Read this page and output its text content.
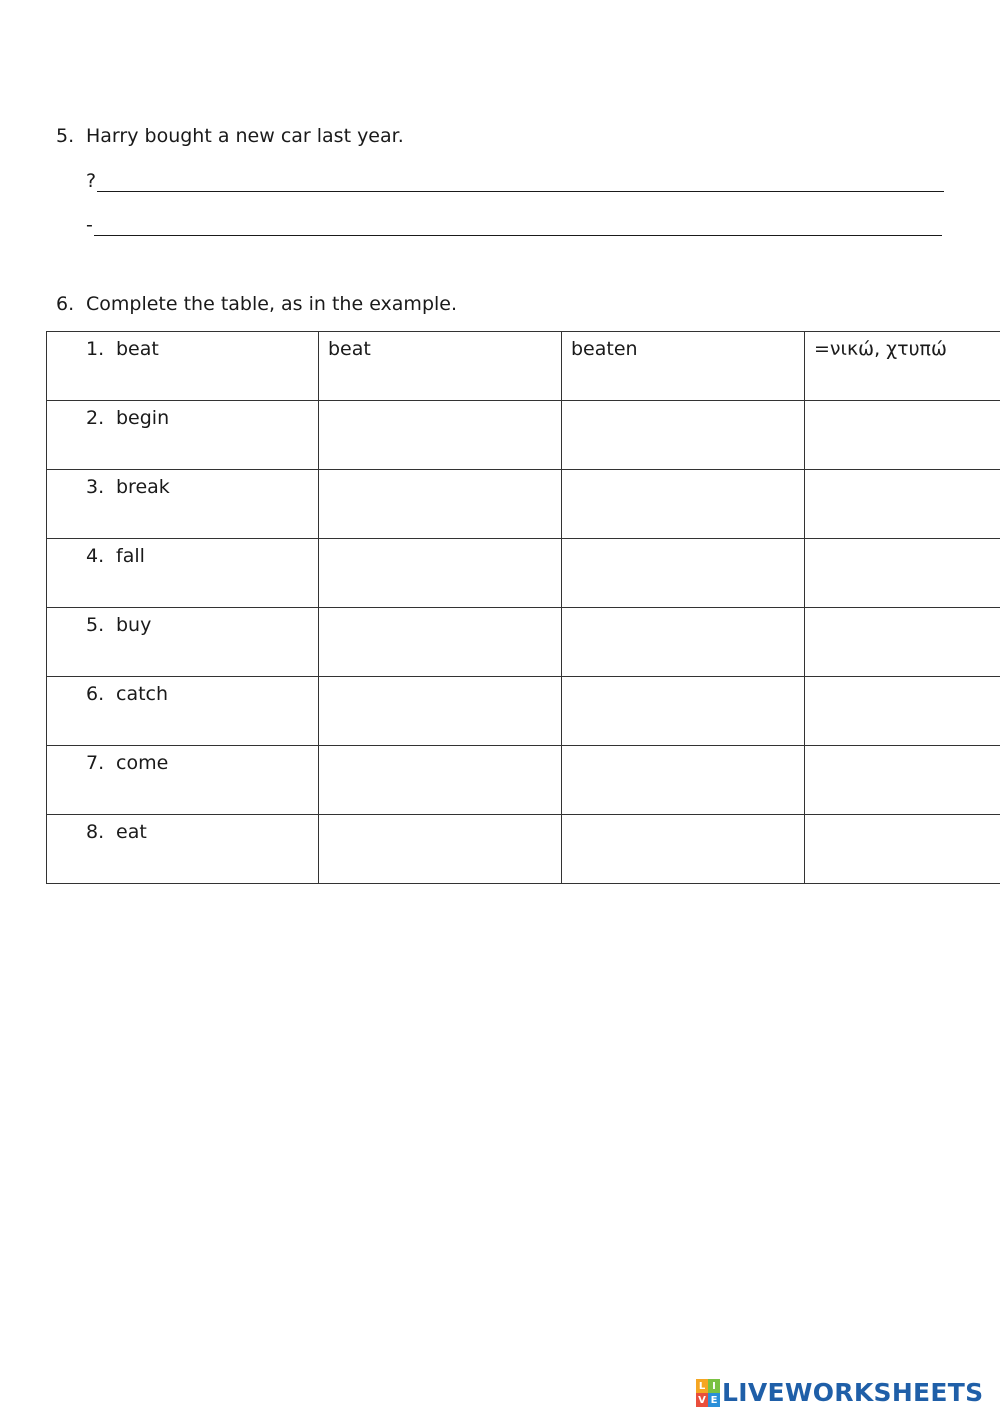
5. Harry bought a new car last year.
?
-
6. Complete the table, as in the example.
1. beat	beat	beaten	=νικώ, χτυπώ
2. begin			
3. break			
4. fall			
5. buy			
6. catch			
7. come			
8. eat			
L I
V E LIVEWORKSHEETS
